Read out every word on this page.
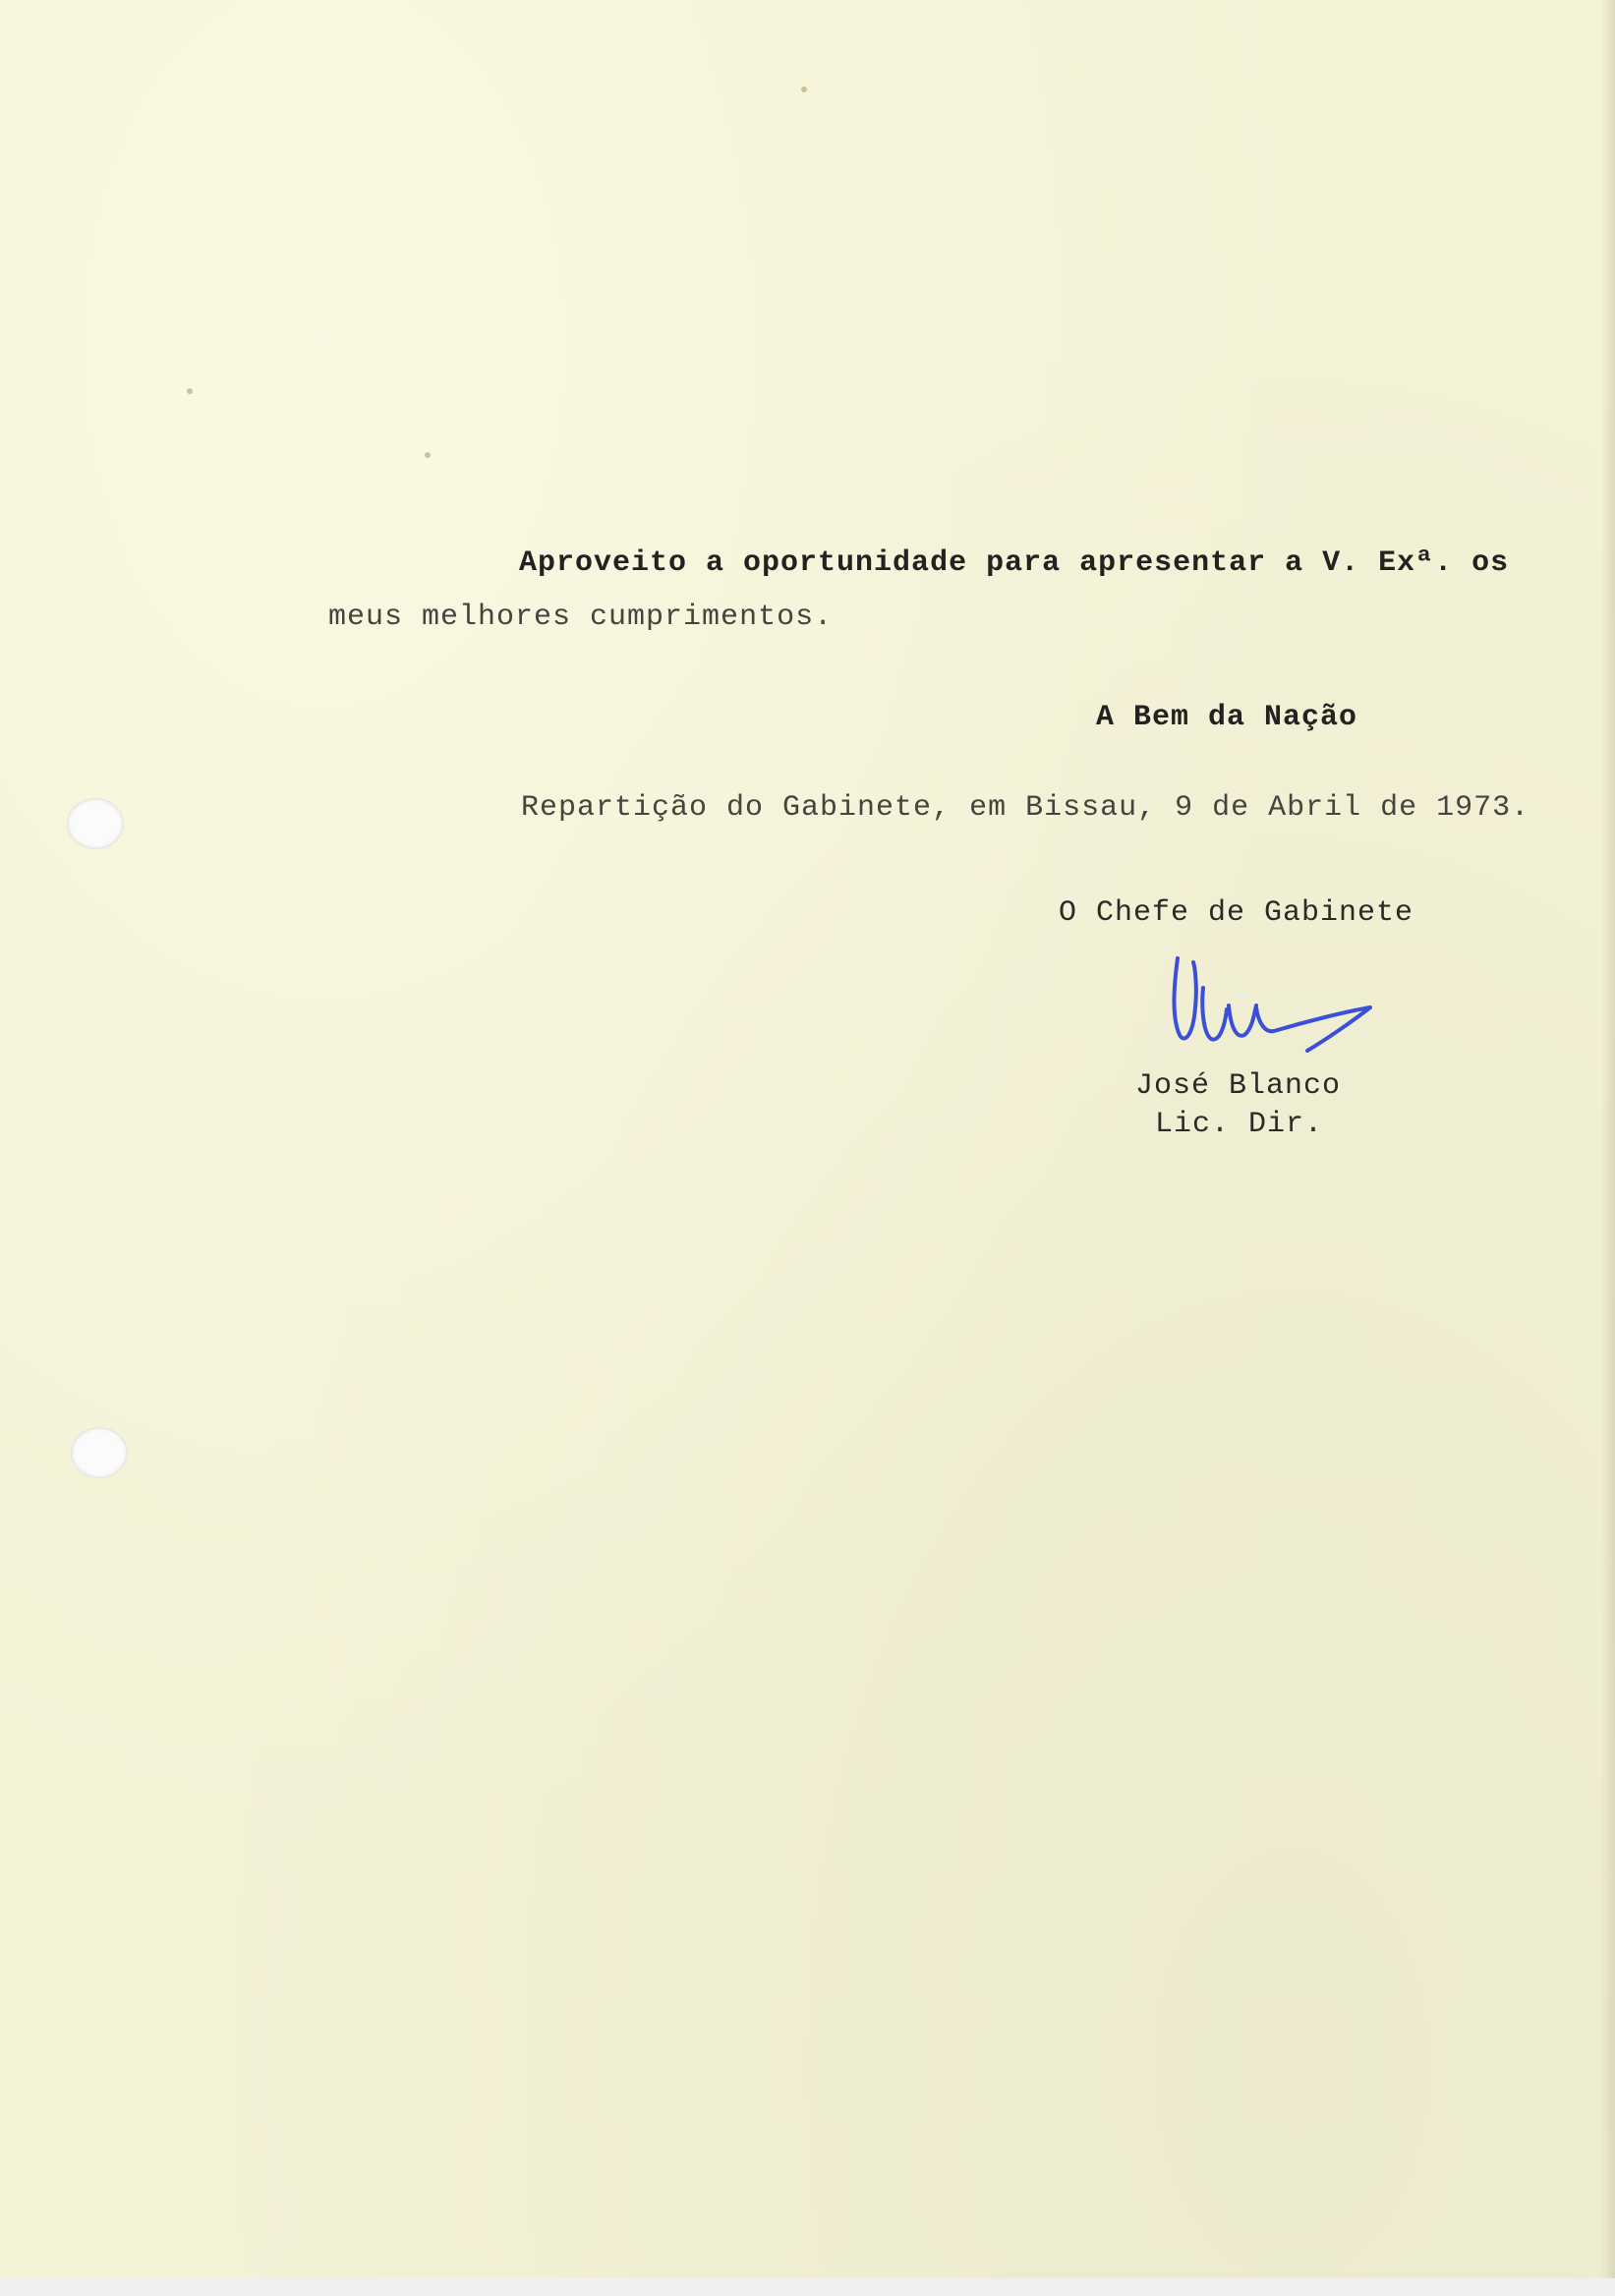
Aproveito a oportunidade para apresentar a V. Exª. os
meus melhores cumprimentos.
A Bem da Nação
Repartição do Gabinete, em Bissau, 9 de Abril de 1973.
O Chefe de Gabinete
José Blanco
Lic. Dir.
